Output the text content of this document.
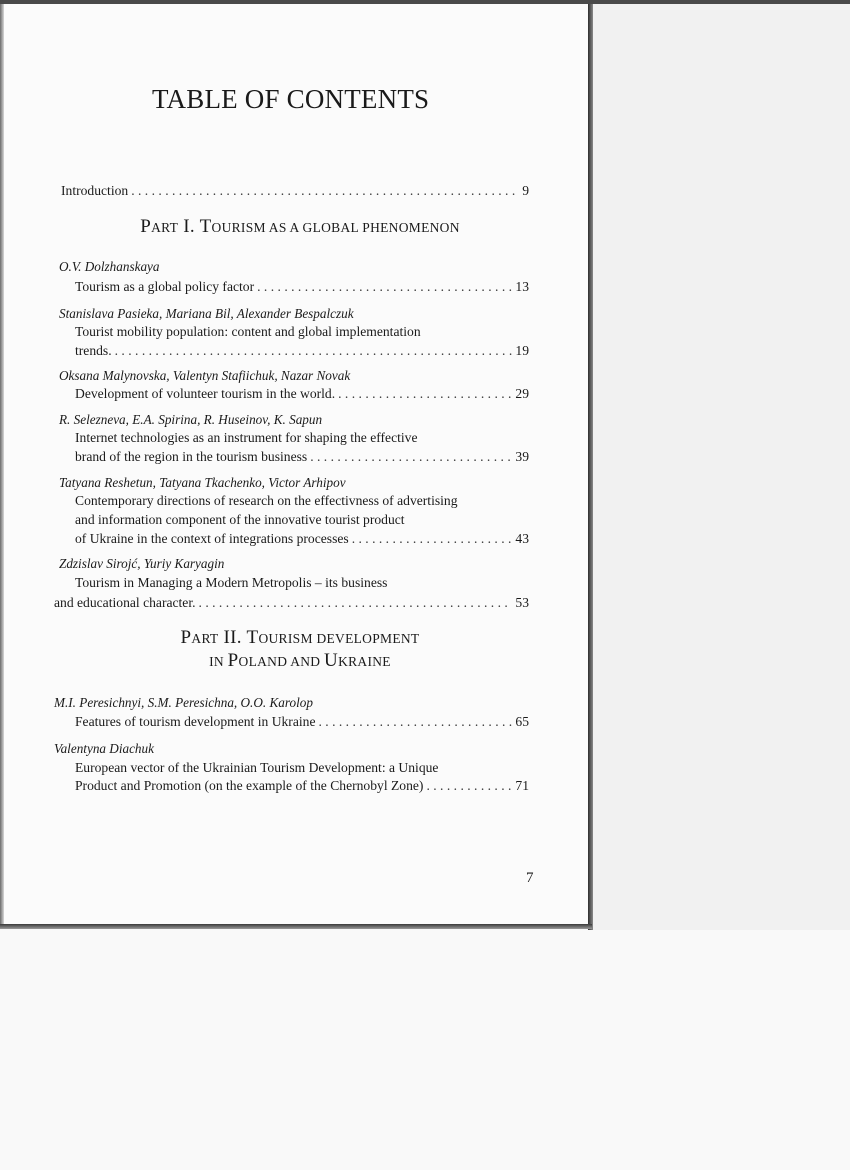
TABLE OF CONTENTS
Introduction . . .	9
PART I. TOURISM AS A GLOBAL PHENOMENON
O.V. Dolzhanskaya
Tourism as a global policy factor . . .	13
Stanislava Pasieka, Mariana Bil, Alexander Bespalczuk
Tourist mobility population: content and global implementation
trends. . . .	19
Oksana Malynovska, Valentyn Stafiichuk, Nazar Novak
Development of volunteer tourism in the world. . . .	29
R. Selezneva, E.A. Spirina, R. Huseinov, K. Sapun
Internet technologies as an instrument for shaping the effective
brand of the region in the tourism business . . .	39
Tatyana Reshetun, Tatyana Tkachenko, Victor Arhipov
Contemporary directions of research on the effectivness of advertising
and information component of the innovative tourist product
of Ukraine in the context of integrations processes . . .	43
Zdzislav Sirojć, Yuriy Karyagin
Tourism in Managing a Modern Metropolis – its business
and educational character. . . .	53
PART II. TOURISM DEVELOPMENT
IN POLAND AND UKRAINE
M.I. Peresichnyi, S.M. Peresichna, O.O. Karolop
Features of tourism development in Ukraine . . .	65
Valentyna Diachuk
European vector of the Ukrainian Tourism Development: a Unique
Product and Promotion (on the example of the Chernobyl Zone) . . .	71
7
